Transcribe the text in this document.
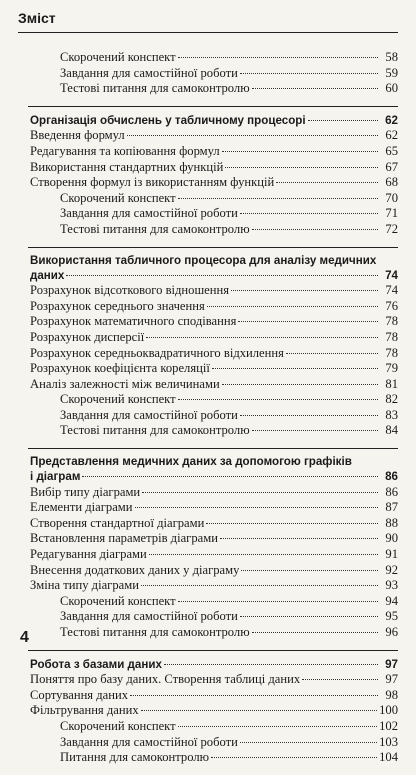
Зміст
Скорочений конспект	58
Завдання для самостійної роботи	59
Тестові питання для самоконтролю	60
Організація обчислень у табличному процесорі	62
Введення формул	62
Редагування та копіювання формул	65
Використання стандартних функцій	67
Створення формул із використанням функцій	68
Скорочений конспект	70
Завдання для самостійної роботи	71
Тестові питання для самоконтролю	72
Використання табличного процесора для аналізу медичних
даних	74
Розрахунок відсоткового відношення	74
Розрахунок середнього значення	76
Розрахунок математичного сподівання	78
Розрахунок дисперсії	78
Розрахунок середньоквадратичного відхилення	78
Розрахунок коефіцієнта кореляції	79
Аналіз залежності між величинами	81
Скорочений конспект	82
Завдання для самостійної роботи	83
Тестові питання для самоконтролю	84
Представлення медичних даних за допомогою графіків
і діаграм	86
Вибір типу діаграми	86
Елементи діаграми	87
Створення стандартної діаграми	88
Встановлення параметрів діаграми	90
Редагування діаграми	91
Внесення додаткових даних у діаграму	92
Зміна типу діаграми	93
Скорочений конспект	94
Завдання для самостійної роботи	95
Тестові питання для самоконтролю	96
Робота з базами даних	97
Поняття про базу даних. Створення таблиці даних	97
Сортування даних	98
Фільтрування даних	100
Скорочений конспект	102
Завдання для самостійної роботи	103
Питання для самоконтролю	104
4
